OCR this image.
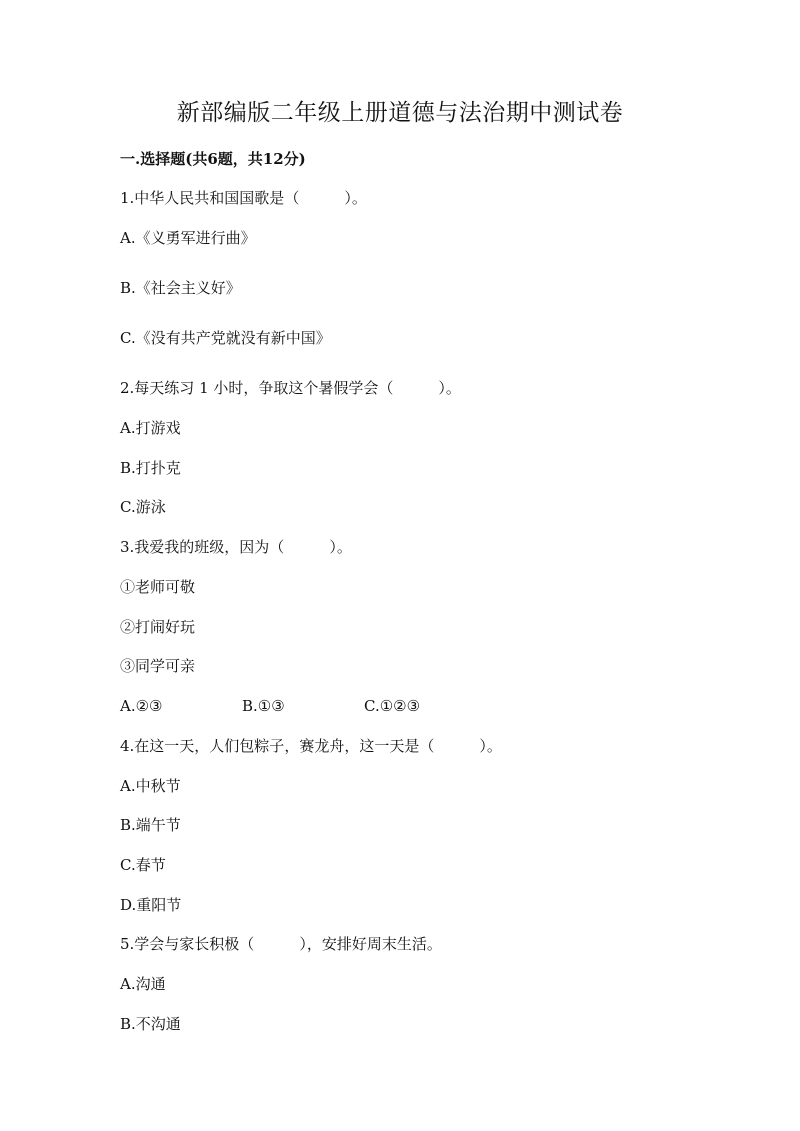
新部编版二年级上册道德与法治期中测试卷
一.选择题(共6题，共12分)
1.中华人民共和国国歌是（　　　）。
A.《义勇军进行曲》
B.《社会主义好》
C.《没有共产党就没有新中国》
2.每天练习 1 小时，争取这个暑假学会（　　　）。
A.打游戏
B.打扑克
C.游泳
3.我爱我的班级，因为（　　　）。
①老师可敬
②打闹好玩
③同学可亲
A.②③	B.①③	C.①②③
4.在这一天，人们包粽子，赛龙舟，这一天是（　　　）。
A.中秋节
B.端午节
C.春节
D.重阳节
5.学会与家长积极（　　　），安排好周末生活。
A.沟通
B.不沟通
